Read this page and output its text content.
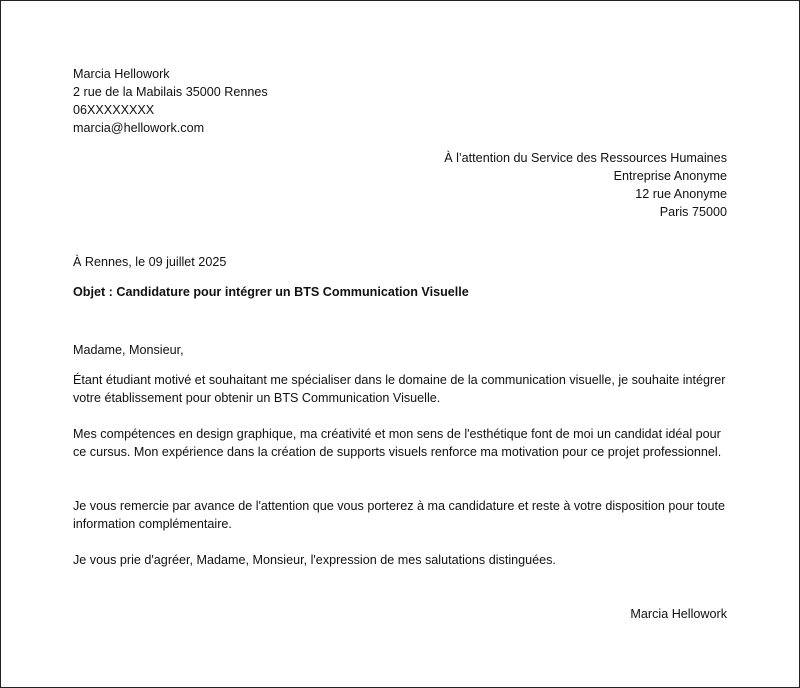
Marcia Hellowork
2 rue de la Mabilais 35000 Rennes
06XXXXXXXX
marcia@hellowork.com
À l’attention du Service des Ressources Humaines
Entreprise Anonyme
12 rue Anonyme
Paris 75000
À Rennes, le 09 juillet 2025
Objet : Candidature pour intégrer un BTS Communication Visuelle
Madame, Monsieur,
Étant étudiant motivé et souhaitant me spécialiser dans le domaine de la communication visuelle, je souhaite intégrer votre établissement pour obtenir un BTS Communication Visuelle.
Mes compétences en design graphique, ma créativité et mon sens de l'esthétique font de moi un candidat idéal pour ce cursus. Mon expérience dans la création de supports visuels renforce ma motivation pour ce projet professionnel.
Je vous remercie par avance de l'attention que vous porterez à ma candidature et reste à votre disposition pour toute information complémentaire.
Je vous prie d'agréer, Madame, Monsieur, l'expression de mes salutations distinguées.
Marcia Hellowork
